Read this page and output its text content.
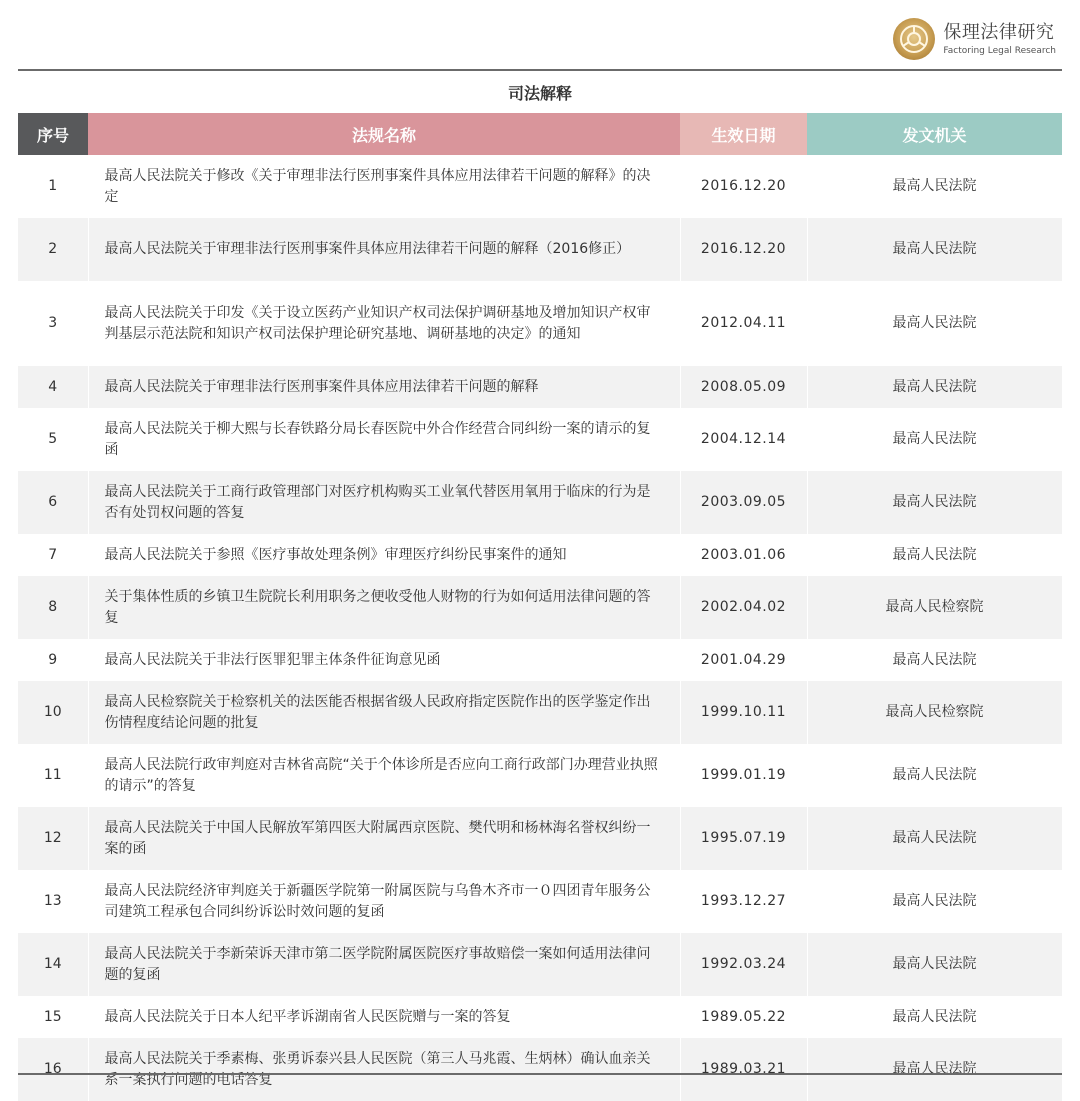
保理法律研究
Factoring Legal Research
司法解释
序号	法规名称	生效日期	发文机关
1	最高人民法院关于修改《关于审理非法行医刑事案件具体应用法律若干问题的解释》的决定	2016.12.20	最高人民法院
2	最高人民法院关于审理非法行医刑事案件具体应用法律若干问题的解释（2016修正）	2016.12.20	最高人民法院
3	最高人民法院关于印发《关于设立医药产业知识产权司法保护调研基地及增加知识产权审判基层示范法院和知识产权司法保护理论研究基地、调研基地的决定》的通知	2012.04.11	最高人民法院
4	最高人民法院关于审理非法行医刑事案件具体应用法律若干问题的解释	2008.05.09	最高人民法院
5	最高人民法院关于柳大熙与长春铁路分局长春医院中外合作经营合同纠纷一案的请示的复函	2004.12.14	最高人民法院
6	最高人民法院关于工商行政管理部门对医疗机构购买工业氧代替医用氧用于临床的行为是否有处罚权问题的答复	2003.09.05	最高人民法院
7	最高人民法院关于参照《医疗事故处理条例》审理医疗纠纷民事案件的通知	2003.01.06	最高人民法院
8	关于集体性质的乡镇卫生院院长利用职务之便收受他人财物的行为如何适用法律问题的答复	2002.04.02	最高人民检察院
9	最高人民法院关于非法行医罪犯罪主体条件征询意见函	2001.04.29	最高人民法院
10	最高人民检察院关于检察机关的法医能否根据省级人民政府指定医院作出的医学鉴定作出伤情程度结论问题的批复	1999.10.11	最高人民检察院
11	最高人民法院行政审判庭对吉林省高院“关于个体诊所是否应向工商行政部门办理营业执照的请示”的答复	1999.01.19	最高人民法院
12	最高人民法院关于中国人民解放军第四医大附属西京医院、樊代明和杨林海名誉权纠纷一案的函	1995.07.19	最高人民法院
13	最高人民法院经济审判庭关于新疆医学院第一附属医院与乌鲁木齐市一０四团青年服务公司建筑工程承包合同纠纷诉讼时效问题的复函	1993.12.27	最高人民法院
14	最高人民法院关于李新荣诉天津市第二医学院附属医院医疗事故赔偿一案如何适用法律问题的复函	1992.03.24	最高人民法院
15	最高人民法院关于日本人纪平孝诉湖南省人民医院赠与一案的答复	1989.05.22	最高人民法院
16	最高人民法院关于季素梅、张勇诉泰兴县人民医院（第三人马兆霞、生炳林）确认血亲关系一案执行问题的电话答复	1989.03.21	最高人民法院
